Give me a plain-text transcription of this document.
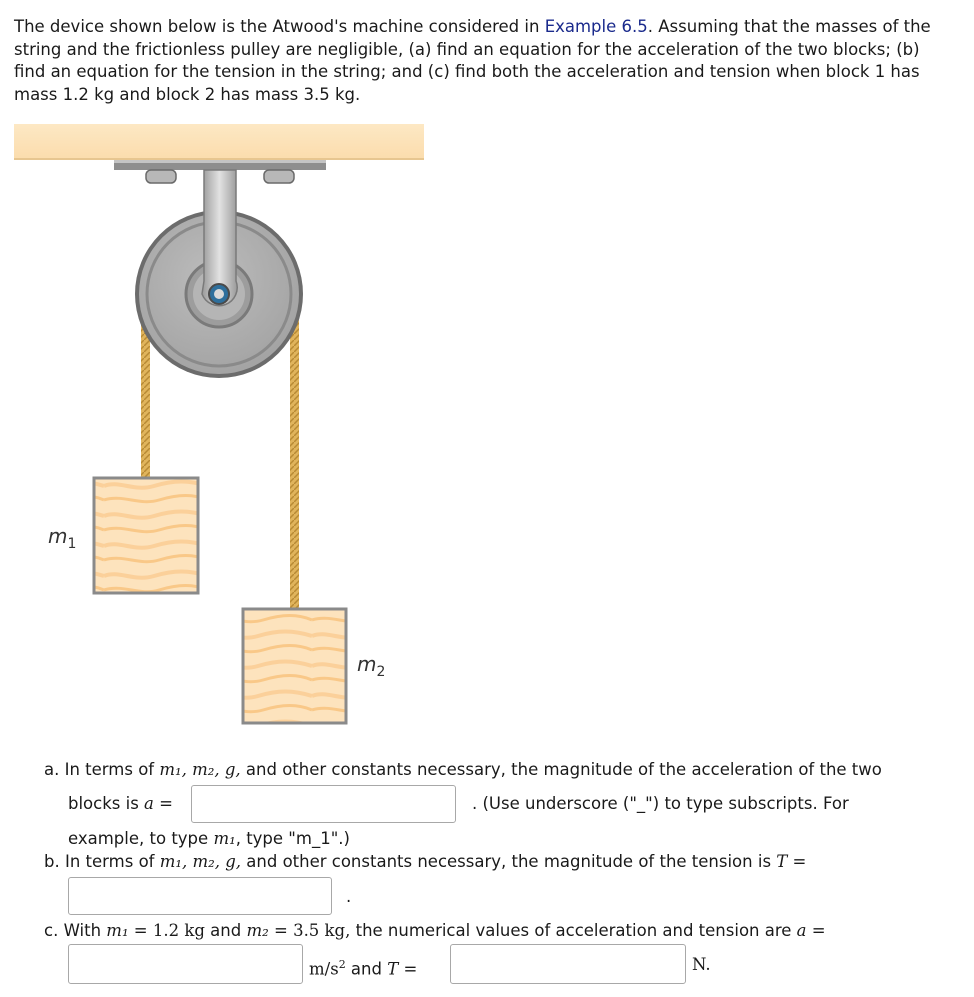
The device shown below is the Atwood's machine considered in Example 6.5. Assuming that the masses of the string and the frictionless pulley are negligible, (a) find an equation for the acceleration of the two blocks; (b) find an equation for the tension in the string; and (c) find both the acceleration and tension when block 1 has mass 1.2 kg and block 2 has mass 3.5 kg.

m1
m2
a. In terms of m₁, m₂, g, and other constants necessary, the magnitude of the acceleration of the two
blocks is a =	. (Use underscore ("_") to type subscripts. For
example, to type m₁, type "m_1".)
b. In terms of m₁, m₂, g, and other constants necessary, the magnitude of the tension is T =
.
c. With m₁ = 1.2 kg and m₂ = 3.5 kg, the numerical values of acceleration and tension are a =
$m/s^2$ and T =	N.
